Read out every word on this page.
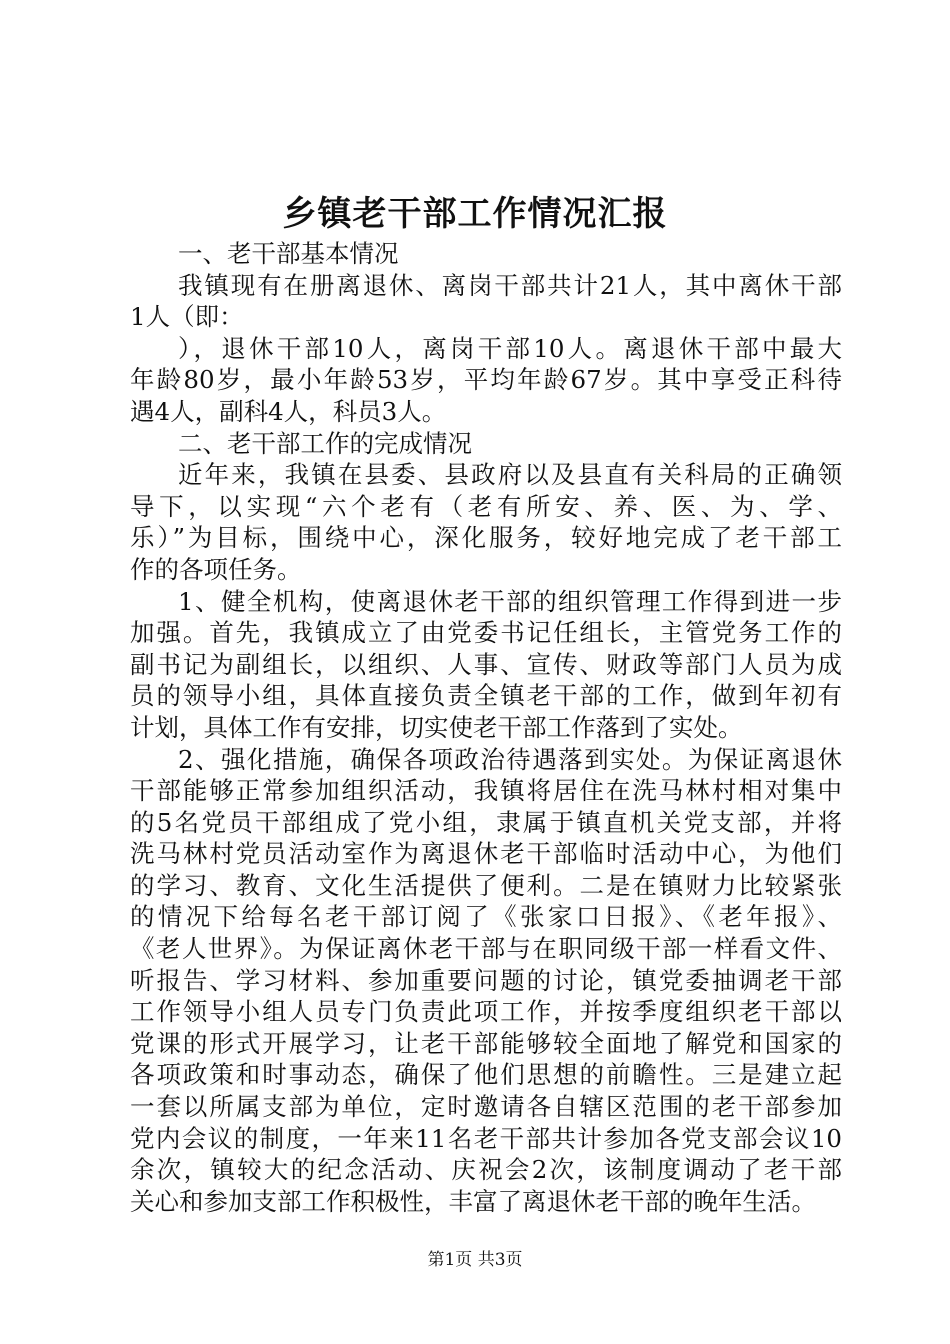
乡镇老干部工作情况汇报
一、老干部基本情况
我镇现有在册离退休、离岗干部共计21人，其中离休干部
1人（即：
），退休干部10人，离岗干部10人。离退休干部中最大
年龄80岁，最小年龄53岁，平均年龄67岁。其中享受正科待
遇4人，副科4人，科员3人。
二、老干部工作的完成情况
近年来，我镇在县委、县政府以及县直有关科局的正确领
导下，以实现“六个老有（老有所安、养、医、为、学、
乐）”为目标，围绕中心，深化服务，较好地完成了老干部工
作的各项任务。
1、健全机构，使离退休老干部的组织管理工作得到进一步
加强。首先，我镇成立了由党委书记任组长，主管党务工作的
副书记为副组长，以组织、人事、宣传、财政等部门人员为成
员的领导小组，具体直接负责全镇老干部的工作，做到年初有
计划，具体工作有安排，切实使老干部工作落到了实处。
2、强化措施，确保各项政治待遇落到实处。为保证离退休
干部能够正常参加组织活动，我镇将居住在洗马林村相对集中
的5名党员干部组成了党小组，隶属于镇直机关党支部，并将
洗马林村党员活动室作为离退休老干部临时活动中心，为他们
的学习、教育、文化生活提供了便利。二是在镇财力比较紧张
的情况下给每名老干部订阅了《张家口日报》、《老年报》、
《老人世界》。为保证离休老干部与在职同级干部一样看文件、
听报告、学习材料、参加重要问题的讨论，镇党委抽调老干部
工作领导小组人员专门负责此项工作，并按季度组织老干部以
党课的形式开展学习，让老干部能够较全面地了解党和国家的
各项政策和时事动态，确保了他们思想的前瞻性。三是建立起
一套以所属支部为单位，定时邀请各自辖区范围的老干部参加
党内会议的制度，一年来11名老干部共计参加各党支部会议10
余次，镇较大的纪念活动、庆祝会2次，该制度调动了老干部
关心和参加支部工作积极性，丰富了离退休老干部的晚年生活。
第1页 共3页
